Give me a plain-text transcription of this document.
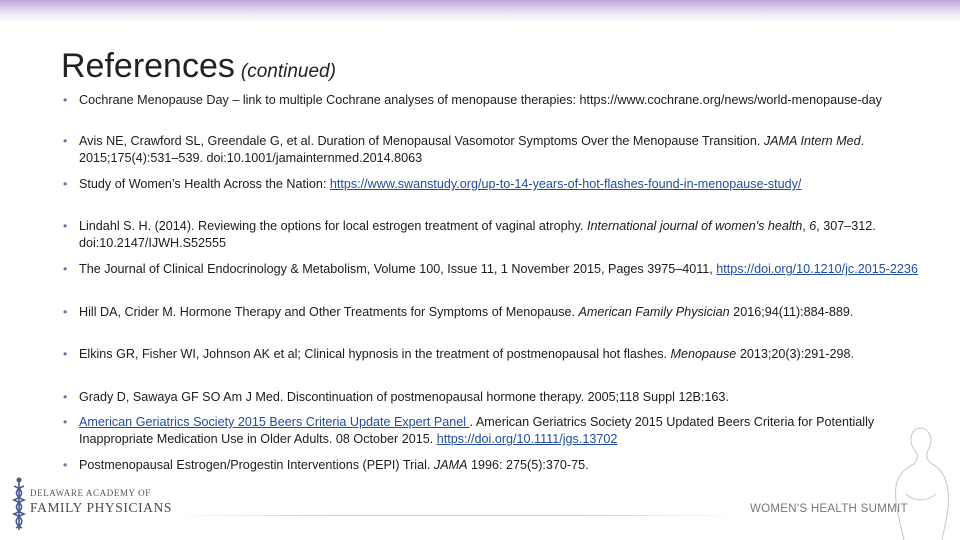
References (continued)
• Cochrane Menopause Day – link to multiple Cochrane analyses of menopause therapies: https://www.cochrane.org/news/world-menopause-day
• Avis NE, Crawford SL, Greendale G, et al. Duration of Menopausal Vasomotor Symptoms Over the Menopause Transition. JAMA Intern Med. 2015;175(4):531–539. doi:10.1001/jamainternmed.2014.8063
• Study of Women’s Health Across the Nation: https://www.swanstudy.org/up-to-14-years-of-hot-flashes-found-in-menopause-study/
• Lindahl S. H. (2014). Reviewing the options for local estrogen treatment of vaginal atrophy. International journal of women's health, 6, 307–312. doi:10.2147/IJWH.S52555
• The Journal of Clinical Endocrinology & Metabolism, Volume 100, Issue 11, 1 November 2015, Pages 3975–4011, https://doi.org/10.1210/jc.2015-2236
• Hill DA, Crider M. Hormone Therapy and Other Treatments for Symptoms of Menopause. American Family Physician 2016;94(11):884-889.
• Elkins GR, Fisher WI, Johnson AK et al; Clinical hypnosis in the treatment of postmenopausal hot flashes. Menopause 2013;20(3):291-298.
• Grady D, Sawaya GF SO Am J Med. Discontinuation of postmenopausal hormone therapy. 2005;118 Suppl 12B:163.
• American Geriatrics Society 2015 Beers Criteria Update Expert Panel . American Geriatrics Society 2015 Updated Beers Criteria for Potentially Inappropriate Medication Use in Older Adults. 08 October 2015. https://doi.org/10.1111/jgs.13702
• Postmenopausal Estrogen/Progestin Interventions (PEPI) Trial. JAMA 1996: 275(5):370-75.
DELAWARE ACADEMY OF
FAMILY PHYSICIANS	WOMEN'S HEALTH SUMMIT
